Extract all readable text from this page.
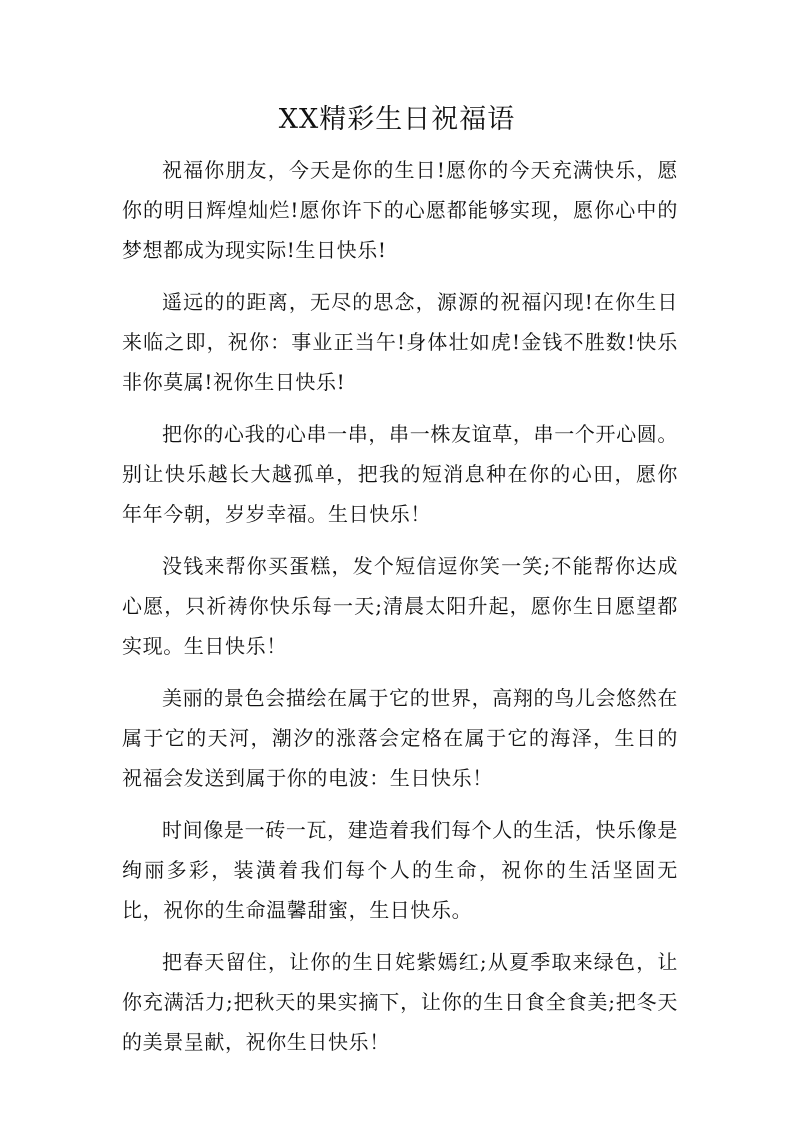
XX精彩生日祝福语

祝福你朋友，今天是你的生日!愿你的今天充满快乐，愿你的明日辉煌灿烂!愿你许下的心愿都能够实现，愿你心中的梦想都成为现实际!生日快乐!

遥远的的距离，无尽的思念，源源的祝福闪现!在你生日来临之即，祝你：事业正当午!身体壮如虎!金钱不胜数!快乐非你莫属!祝你生日快乐!

把你的心我的心串一串，串一株友谊草，串一个开心圆。别让快乐越长大越孤单，把我的短消息种在你的心田，愿你年年今朝，岁岁幸福。生日快乐！

没钱来帮你买蛋糕，发个短信逗你笑一笑;不能帮你达成心愿，只祈祷你快乐每一天;清晨太阳升起，愿你生日愿望都实现。生日快乐！

美丽的景色会描绘在属于它的世界，高翔的鸟儿会悠然在属于它的天河，潮汐的涨落会定格在属于它的海泽，生日的祝福会发送到属于你的电波：生日快乐！

时间像是一砖一瓦，建造着我们每个人的生活，快乐像是绚丽多彩，装潢着我们每个人的生命，祝你的生活坚固无比，祝你的生命温馨甜蜜，生日快乐。

把春天留住，让你的生日姹紫嫣红;从夏季取来绿色，让你充满活力;把秋天的果实摘下，让你的生日食全食美;把冬天的美景呈献，祝你生日快乐！
